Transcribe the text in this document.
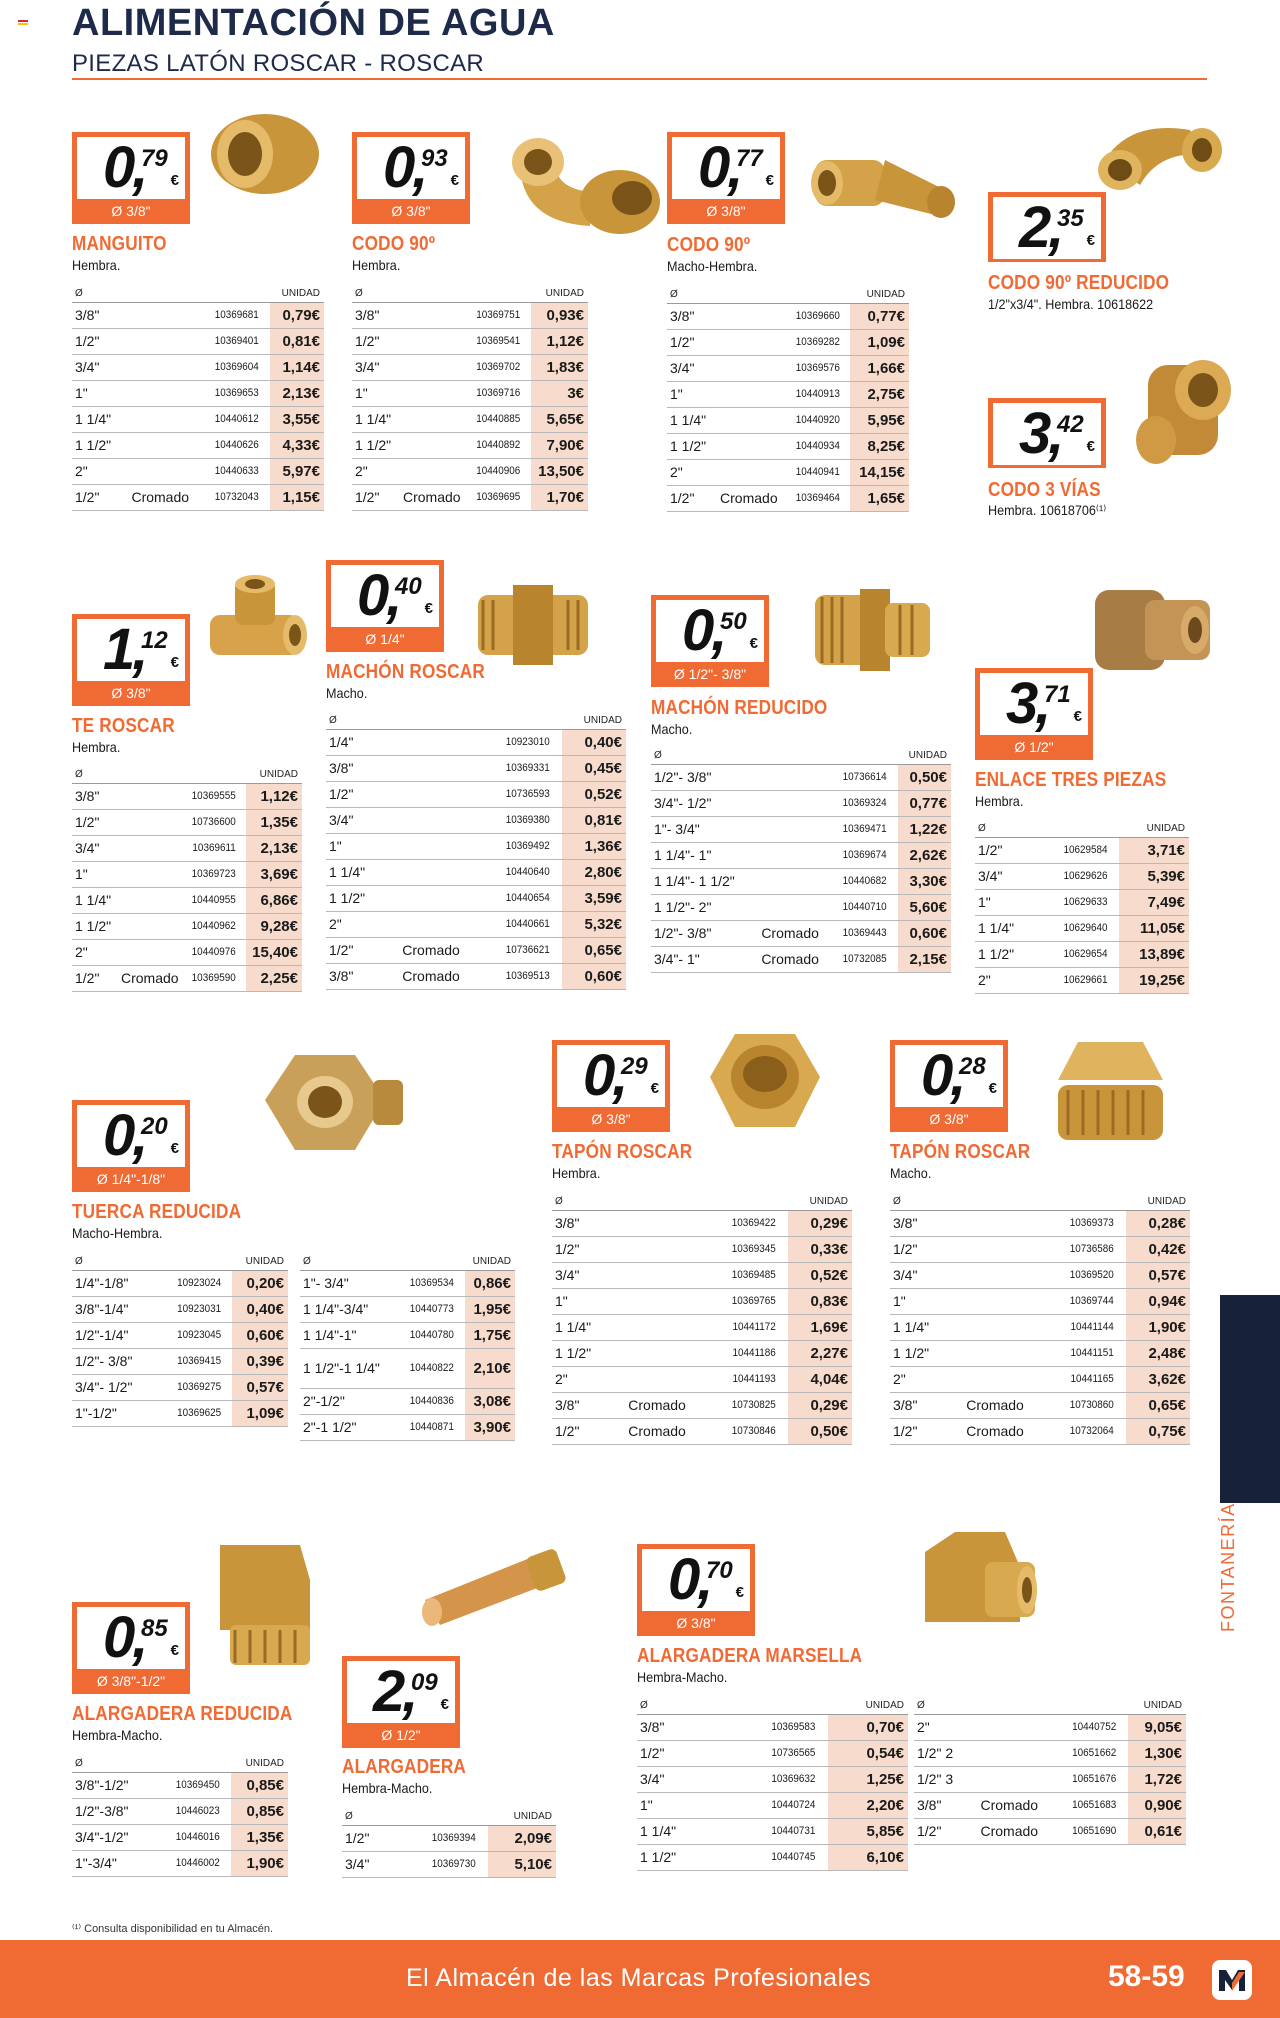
ALIMENTACIÓN DE AGUA
PIEZAS LATÓN ROSCAR - ROSCAR
0,
79
€
Ø 3/8"
MANGUITO
Hembra.
Ø			UNIDAD
3/8"		10369681	0,79€
1/2"		10369401	0,81€
3/4"		10369604	1,14€
1"		10369653	2,13€
1 1/4"		10440612	3,55€
1 1/2"		10440626	4,33€
2"		10440633	5,97€
1/2"	Cromado	10732043	1,15€
0,
93
€
Ø 3/8"
CODO 90º
Hembra.
Ø			UNIDAD
3/8"		10369751	0,93€
1/2"		10369541	1,12€
3/4"		10369702	1,83€
1"		10369716	3€
1 1/4"		10440885	5,65€
1 1/2"		10440892	7,90€
2"		10440906	13,50€
1/2"	Cromado	10369695	1,70€
0,
77
€
Ø 3/8"
CODO 90º
Macho-Hembra.
Ø			UNIDAD
3/8"		10369660	0,77€
1/2"		10369282	1,09€
3/4"		10369576	1,66€
1"		10440913	2,75€
1 1/4"		10440920	5,95€
1 1/2"		10440934	8,25€
2"		10440941	14,15€
1/2"	Cromado	10369464	1,65€
2,
35
€
CODO 90º REDUCIDO
1/2"x3/4". Hembra. 10618622
3,
42
€
CODO 3 VÍAS
Hembra. 10618706⁽¹⁾
1,
12
€
Ø 3/8"
TE ROSCAR
Hembra.
Ø			UNIDAD
3/8"		10369555	1,12€
1/2"		10736600	1,35€
3/4"		10369611	2,13€
1"		10369723	3,69€
1 1/4"		10440955	6,86€
1 1/2"		10440962	9,28€
2"		10440976	15,40€
1/2"	Cromado	10369590	2,25€
0,
40
€
Ø 1/4"
MACHÓN ROSCAR
Macho.
Ø			UNIDAD
1/4"		10923010	0,40€
3/8"		10369331	0,45€
1/2"		10736593	0,52€
3/4"		10369380	0,81€
1"		10369492	1,36€
1 1/4"		10440640	2,80€
1 1/2"		10440654	3,59€
2"		10440661	5,32€
1/2"	Cromado	10736621	0,65€
3/8"	Cromado	10369513	0,60€
0,
50
€
Ø 1/2"- 3/8"
MACHÓN REDUCIDO
Macho.
Ø			UNIDAD
1/2"- 3/8"		10736614	0,50€
3/4"- 1/2"		10369324	0,77€
1"- 3/4"		10369471	1,22€
1 1/4"- 1"		10369674	2,62€
1 1/4"- 1 1/2"		10440682	3,30€
1 1/2"- 2"		10440710	5,60€
1/2"- 3/8"	Cromado	10369443	0,60€
3/4"- 1"	Cromado	10732085	2,15€
3,
71
€
Ø 1/2"
ENLACE TRES PIEZAS
Hembra.
Ø			UNIDAD
1/2"		10629584	3,71€
3/4"		10629626	5,39€
1"		10629633	7,49€
1 1/4"		10629640	11,05€
1 1/2"		10629654	13,89€
2"		10629661	19,25€
0,
20
€
Ø 1/4"-1/8"
TUERCA REDUCIDA
Macho-Hembra.
Ø			UNIDAD
1/4"-1/8"		10923024	0,20€
3/8"-1/4"		10923031	0,40€
1/2"-1/4"		10923045	0,60€
1/2"- 3/8"		10369415	0,39€
3/4"- 1/2"		10369275	0,57€
1"-1/2"		10369625	1,09€
Ø			UNIDAD
1"- 3/4"		10369534	0,86€
1 1/4"-3/4"		10440773	1,95€
1 1/4"-1"		10440780	1,75€
1 1/2"-1 1/4"		10440822	2,10€
2"-1/2"		10440836	3,08€
2"-1 1/2"		10440871	3,90€
0,
29
€
Ø 3/8"
TAPÓN ROSCAR
Hembra.
Ø			UNIDAD
3/8"		10369422	0,29€
1/2"		10369345	0,33€
3/4"		10369485	0,52€
1"		10369765	0,83€
1 1/4"		10441172	1,69€
1 1/2"		10441186	2,27€
2"		10441193	4,04€
3/8"	Cromado	10730825	0,29€
1/2"	Cromado	10730846	0,50€
0,
28
€
Ø 3/8"
TAPÓN ROSCAR
Macho.
Ø			UNIDAD
3/8"		10369373	0,28€
1/2"		10736586	0,42€
3/4"		10369520	0,57€
1"		10369744	0,94€
1 1/4"		10441144	1,90€
1 1/2"		10441151	2,48€
2"		10441165	3,62€
3/8"	Cromado	10730860	0,65€
1/2"	Cromado	10732064	0,75€
0,
85
€
Ø 3/8"-1/2"
ALARGADERA REDUCIDA
Hembra-Macho.
Ø			UNIDAD
3/8"-1/2"		10369450	0,85€
1/2"-3/8"		10446023	0,85€
3/4"-1/2"		10446016	1,35€
1"-3/4"		10446002	1,90€
2,
09
€
Ø 1/2"
ALARGADERA
Hembra-Macho.
Ø			UNIDAD
1/2"		10369394	2,09€
3/4"		10369730	5,10€
0,
70
€
Ø 3/8"
ALARGADERA MARSELLA
Hembra-Macho.
Ø			UNIDAD
3/8"		10369583	0,70€
1/2"		10736565	0,54€
3/4"		10369632	1,25€
1"		10440724	2,20€
1 1/4"		10440731	5,85€
1 1/2"		10440745	6,10€
Ø			UNIDAD
2"		10440752	9,05€
1/2" 2		10651662	1,30€
1/2" 3		10651676	1,72€
3/8"	Cromado	10651683	0,90€
1/2"	Cromado	10651690	0,61€
FONTANERÍA
⁽¹⁾ Consulta disponibilidad en tu Almacén.
El Almacén de las Marcas Profesionales	58-59
